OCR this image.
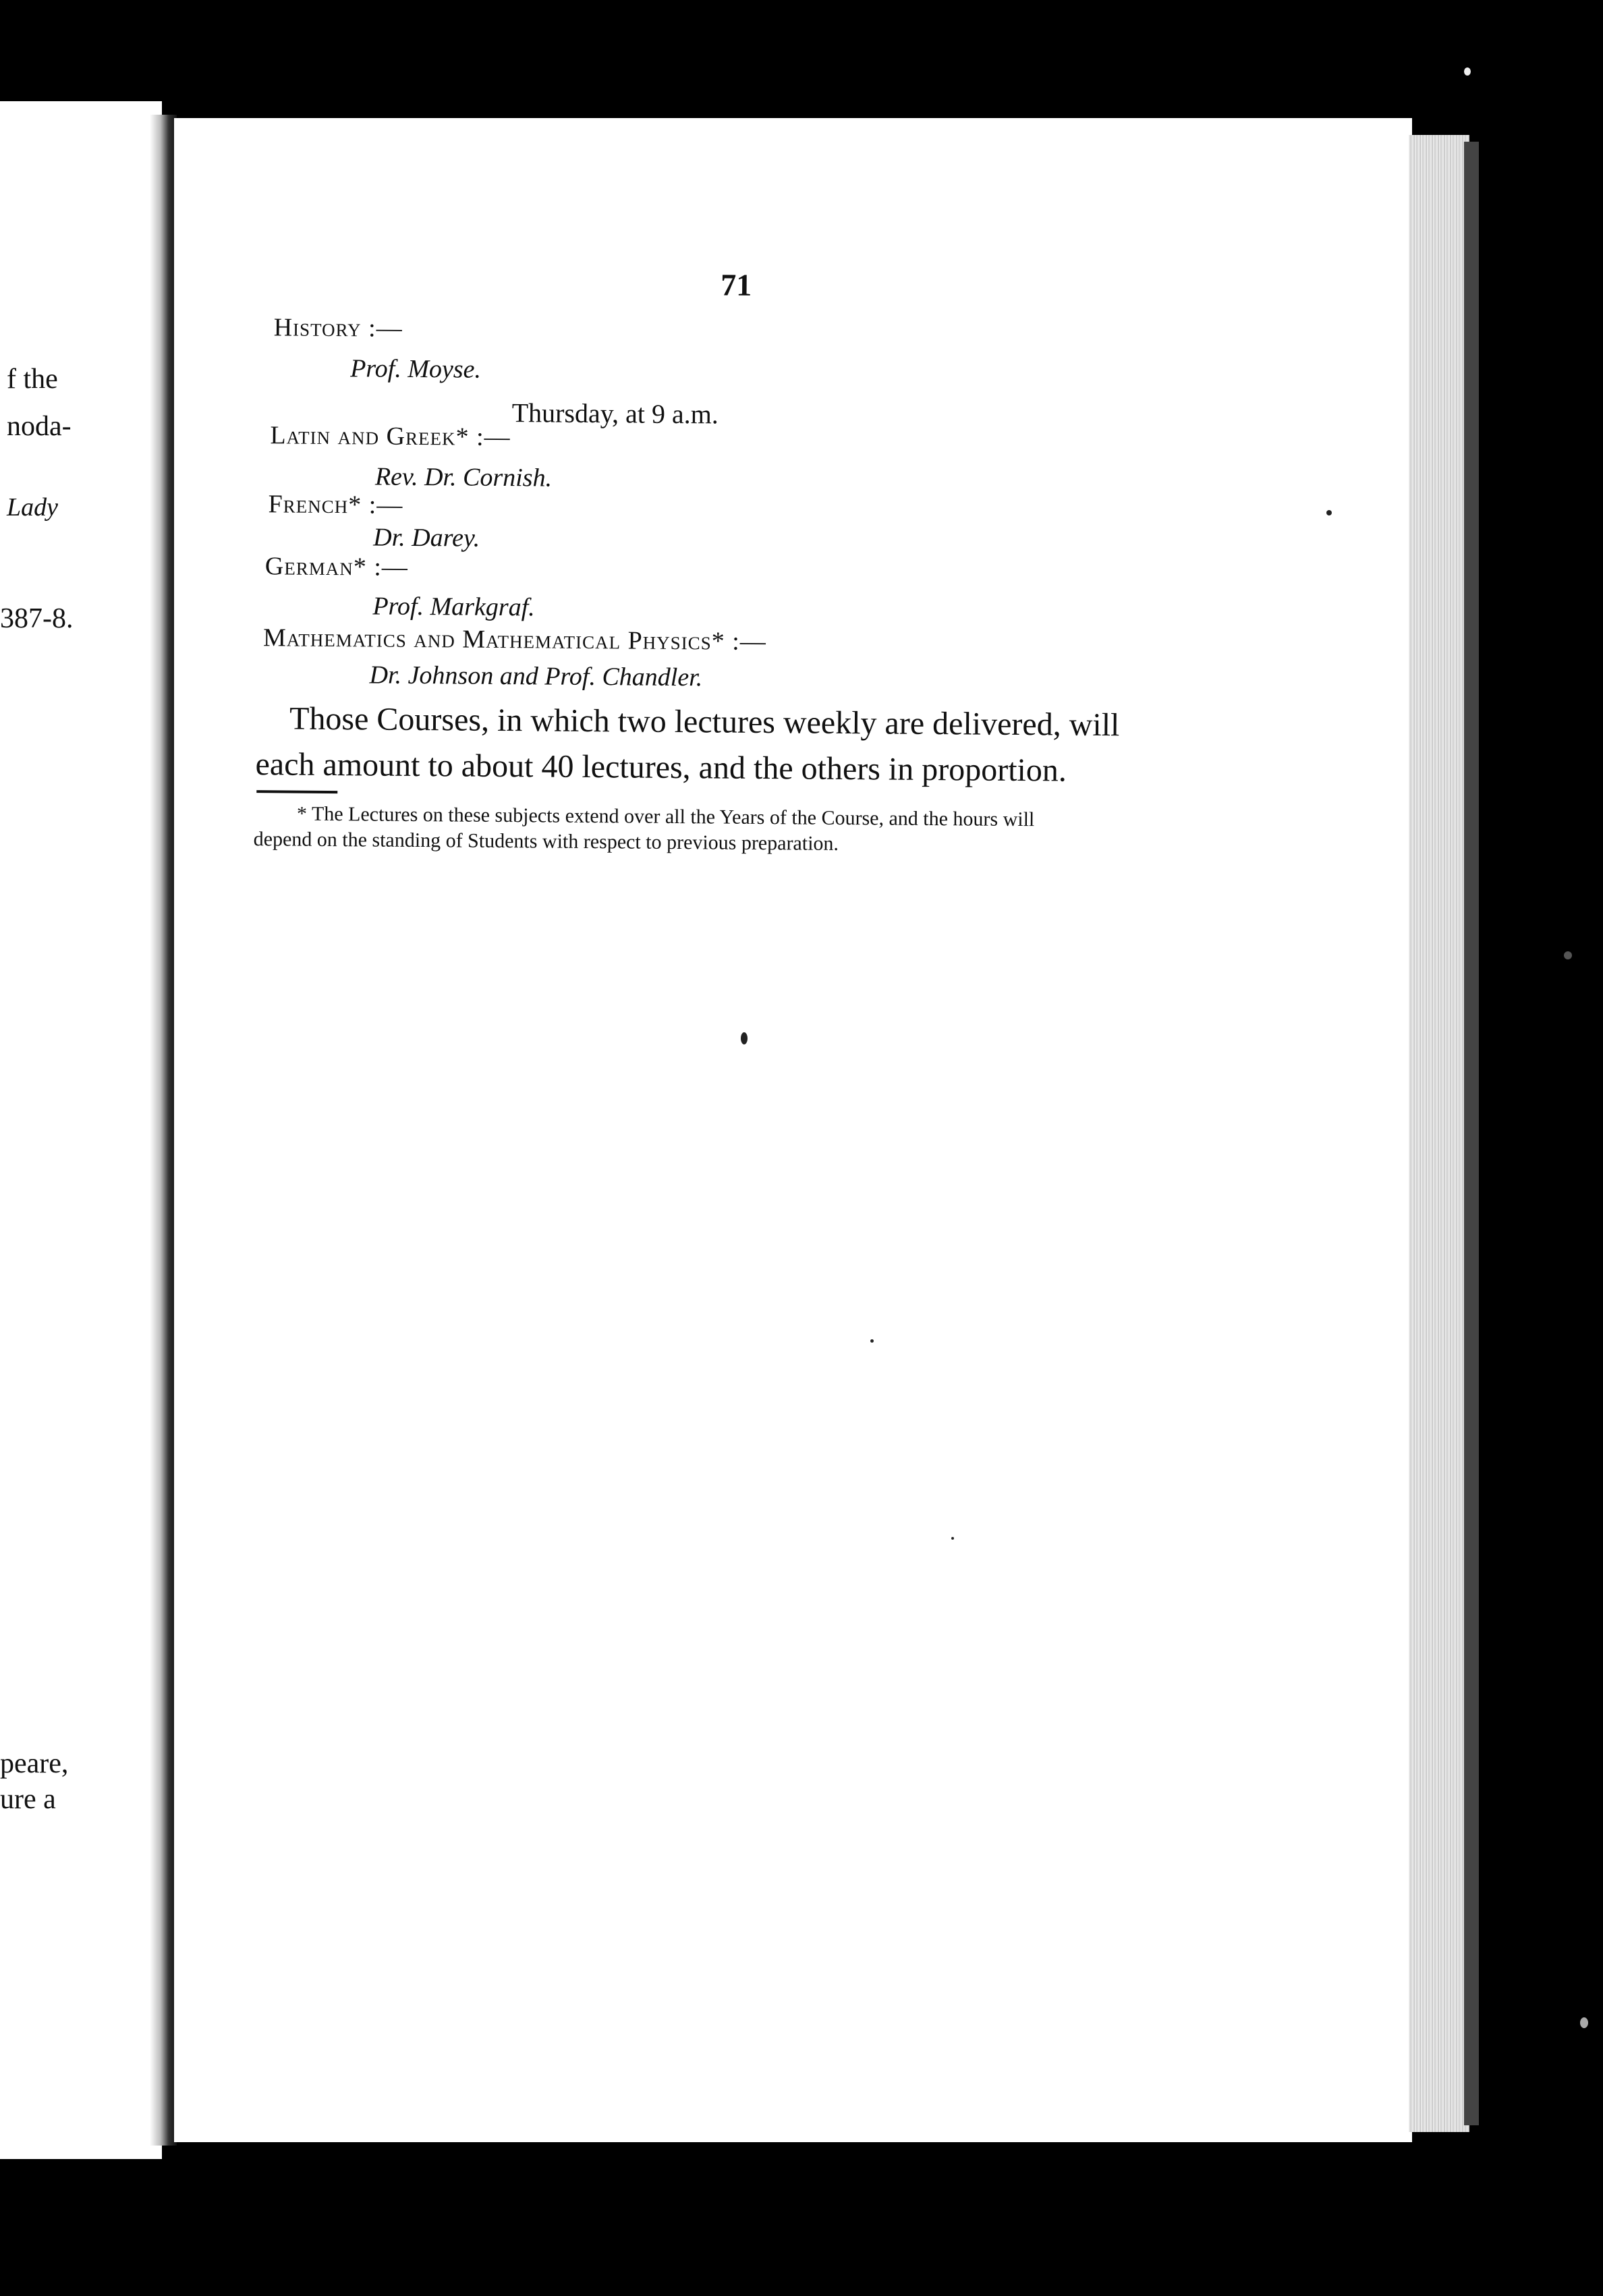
f the
noda-
Lady
387-8.
peare,
ure a
71
History :—
Prof. Moyse.
Thursday, at 9 a.m.
Latin and Greek* :—
Rev. Dr. Cornish.
French* :—
Dr. Darey.
German* :—
Prof. Markgraf.
Mathematics and Mathematical Physics* :—
Dr. Johnson and Prof. Chandler.
Those Courses, in which two lectures weekly are delivered, will
each amount to about 40 lectures, and the others in proportion.
* The Lectures on these subjects extend over all the Years of the Course, and the hours will
depend on the standing of Students with respect to previous preparation.
